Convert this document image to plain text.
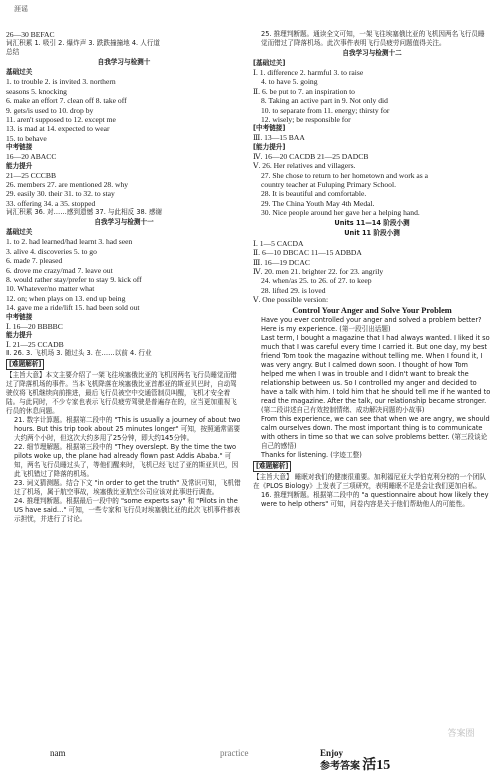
涯谣
26—30 BEFAC
词汇积累 1. 吸引 2. 爆炸声 3. 跌跌撞撞地 4. 人行道
总结
自我学习与检测十
基础过关
1. to trouble 2. is invited 3. northern
seasons 5. knocking
6. make an effort 7. clean off 8. take off
9. gets/is used to 10. drop by
11. aren't supposed to 12. except me
13. is mad at 14. expected to wear
15. to behave
中考链接
16—20 ABACC
能力提升
21—25 CCCBB
26. members 27. are mentioned 28. why
29. easily 30. their 31. to 32. to stay
33. offering 34. a 35. stopped
词汇积累 36. 对……感到遗憾 37. 与此相反 38. 感谢
自我学习与检测十一
基础过关
1. to 2. had learned/had learnt 3. had seen
3. alive 4. discoveries 5. to go
6. made 7. pleased
6. drove me crazy/mad 7. leave out
8. would rather stay/prefer to stay 9. kick off
10. Whatever/no matter what
12. on; when plays on 13. end up being
14. gave me a ride/lift 15. had been sold out
中考链接
Ⅰ. 16—20 BBBBC
能力提升
Ⅰ. 21—25 CCADB
Ⅱ. 26. 3. 飞机场 3. 随过头 3. 在……以前 4. 行业
[难题解析]
【主旨大意】本文主要介绍了一架飞往埃塞俄比亚的飞机因两名飞行员睡觉而错过了降落机场的事件。当本飞机降落在埃塞俄比亚首都亚的斯亚贝巴时，自动驾驶仪将飞机继续向前推进，最后飞行员被空中交通管制员叫醒，飞机才安全着陆。与此同时，不少专家也表示飞行员疲劳驾驶是普遍存在的，应当更加重视飞行员的休息问题。
21. 数字计算题。根据第二段中的 "This is usually a journey of about two hours. But this trip took about 25 minutes longer" 可知，按照通常需要大约两个小时，但这次大约多用了25分钟，即大约145分钟。
22. 细节理解题。根据第三段中的 "They overslept. By the time the two pilots woke up, the plane had already flown past Addis Ababa." 可知，两名飞行员睡过头了，等他们醒来时，飞机已经飞过了亚的斯亚贝巴，因此飞机错过了降落的机场。
23. 词义猜测题。结合下文 "in order to get the truth" 及常识可知，飞机错过了机场，属于航空事故，埃塞俄比亚航空公司应该对此事进行调查。
24. 推理判断题。根据最后一段中的 "some experts say" 和 "Pilots in the US have said…" 可知，一些专家和飞行员对埃塞俄比亚的此次飞机事件都表示担忧，并进行了讨论。
25. 推理判断题。通读全文可知，一架飞往埃塞俄比亚的飞机因两名飞行员睡觉而错过了降落机场。此次事件表明飞行员疲劳问题值得关注。
自我学习与检测十二
[基础过关]
Ⅰ. 1. difference 2. harmful 3. to raise
4. to have 5. going
Ⅱ. 6. be put to 7. an inspiration to
8. Taking an active part in 9. Not only did
10. to separate from 11. energy; thirsty for
12. wisely; be responsible for
[中考链接]
Ⅲ. 13—15 BAA
[能力提升]
Ⅳ. 16—20 CACDB 21—25 DADCB
Ⅴ. 26. Her relatives and villagers.
27. She chose to return to her hometown and work as a
country teacher at Fuluping Primary School.
28. It is beautiful and comfortable.
29. The China Youth May 4th Medal.
30. Nice people around her gave her a helping hand.
Units 11—14 阶段小测
Unit 11 阶段小测
Ⅰ. 1—5 CACDA
Ⅱ. 6—10 DBCAC 11—15 ADBDA
Ⅲ. 16—19 DCAC
Ⅳ. 20. men 21. brighter 22. for 23. angrily
24. when/as 25. to 26. of 27. to keep
28. lifted 29. is loved
Ⅴ. One possible version:
Control Your Anger and Solve Your Problem
Have you ever controlled your anger and solved a problem better? Here is my experience. (第一段引出话题)
Last term, I bought a magazine that I had always wanted. I liked it so much that I was careful every time I carried it. But one day, my best friend Tom took the magazine without telling me. When I found it, I was very angry. But I calmed down soon. I thought of how Tom helped me when I was in trouble and I didn't want to break the relationship between us. So I controlled my anger and decided to have a talk with him. I told him that he should tell me if he wanted to read the magazine. After the talk, our relationship became stronger. (第二段讲述自己有效控制情绪、成功解决问题的小故事)
From this experience, we can see that when we are angry, we should calm ourselves down. The most important thing is to communicate with others in time so that we can solve problems better. (第三段谈论自己的感悟)
Thanks for listening. (字迹工整)
[难题解析]
【主旨大意】 睡眠对我们的健康很重要。加利福尼亚大学伯克利分校的一个团队在《PLOS Biology》上发表了三项研究，表明睡眠不足是会让我们更加自私。
16. 推理判断题。根据第二段中的 "a questionnaire about how likely they were to help others" 可知，问卷内容是关于他们帮助他人的可能性。
nam	practice	Enjoy
参考答案 活15
答案圈
